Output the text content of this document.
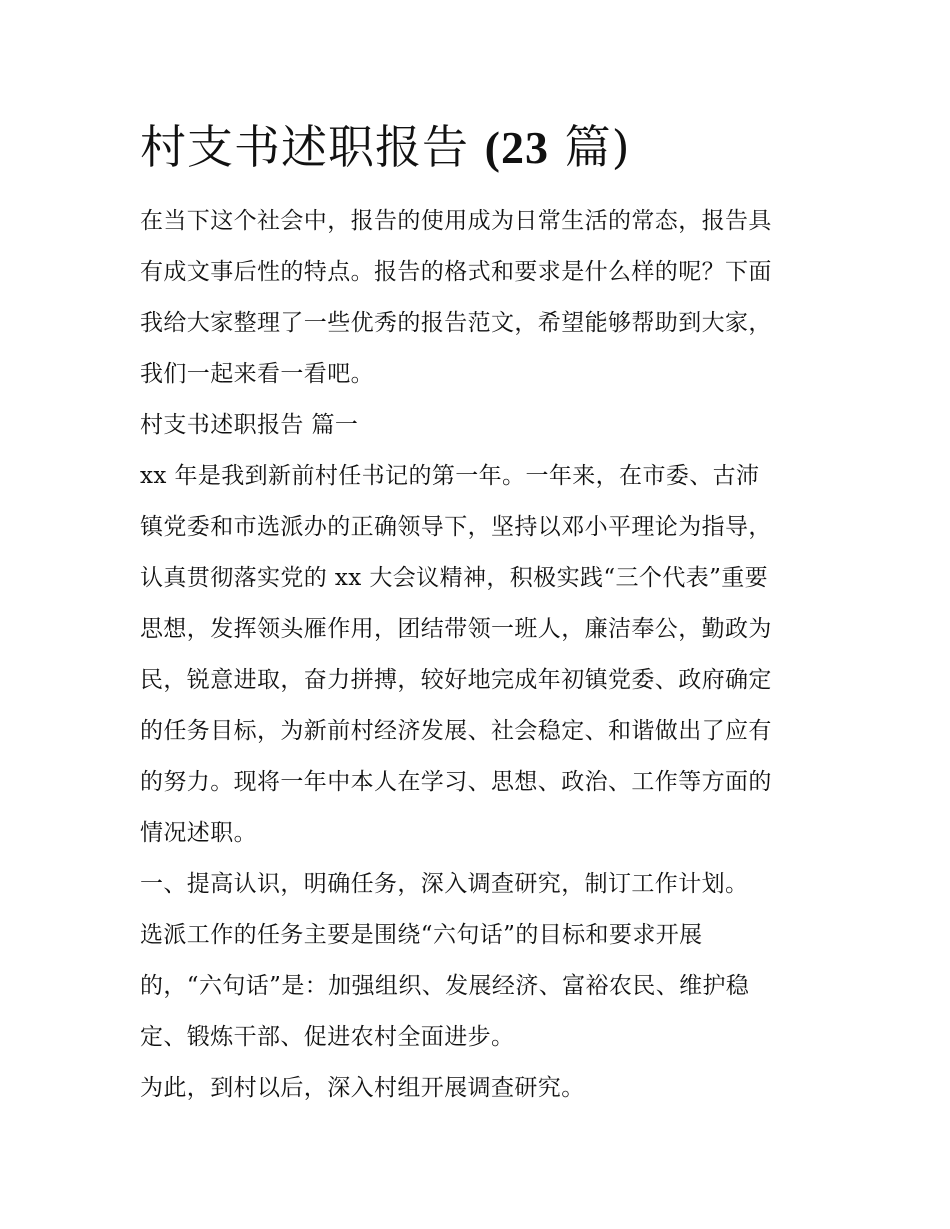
村支书述职报告 (23 篇)
在当下这个社会中，报告的使用成为日常生活的常态，报告具
有成文事后性的特点。报告的格式和要求是什么样的呢？下面
我给大家整理了一些优秀的报告范文，希望能够帮助到大家，
我们一起来看一看吧。
村支书述职报告 篇一
xx 年是我到新前村任书记的第一年。一年来，在市委、古沛
镇党委和市选派办的正确领导下，坚持以邓小平理论为指导，
认真贯彻落实党的 xx 大会议精神，积极实践“三个代表”重要
思想，发挥领头雁作用，团结带领一班人，廉洁奉公，勤政为
民，锐意进取，奋力拼搏，较好地完成年初镇党委、政府确定
的任务目标，为新前村经济发展、社会稳定、和谐做出了应有
的努力。现将一年中本人在学习、思想、政治、工作等方面的
情况述职。
一、提高认识，明确任务，深入调查研究，制订工作计划。
选派工作的任务主要是围绕“六句话”的目标和要求开展
的，“六句话”是：加强组织、发展经济、富裕农民、维护稳
定、锻炼干部、促进农村全面进步。
为此，到村以后，深入村组开展调查研究。
